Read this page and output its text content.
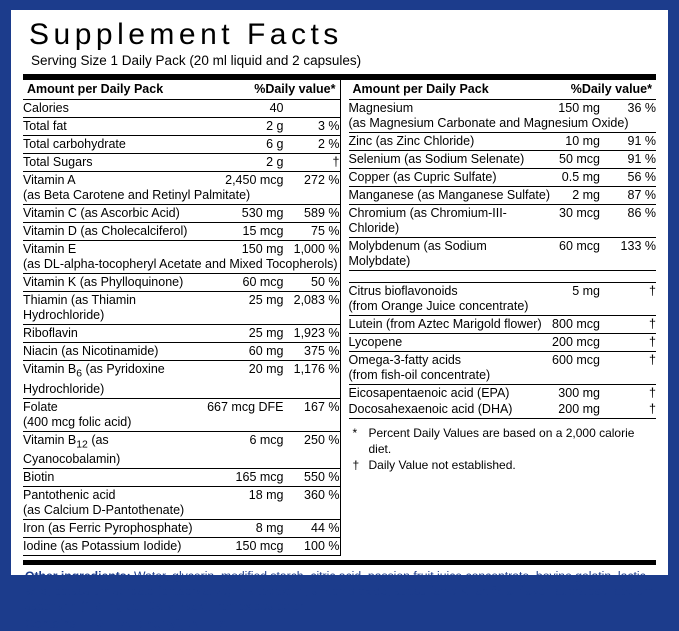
Supplement Facts
Serving Size 1 Daily Pack (20 ml liquid and 2 capsules)
Amount per Daily Pack	%Daily value*
Calories	40	
Total fat	2 g	3 %
Total carbohydrate	6 g	2 %
Total Sugars	2 g	†
Vitamin A	2,450 mcg	272 %
(as Beta Carotene and Retinyl Palmitate)		
Vitamin C (as Ascorbic Acid)	530 mg	589 %
Vitamin D (as Cholecalciferol)	15 mcg	75 %
Vitamin E	150 mg	1,000 %
(as DL-alpha-tocopheryl Acetate and Mixed Tocopherols)		
Vitamin K (as Phylloquinone)	60 mcg	50 %
Thiamin (as Thiamin Hydrochloride)	25 mg	2,083 %
Riboflavin	25 mg	1,923 %
Niacin (as Nicotinamide)	60 mg	375 %
Vitamin $B_6$ (as Pyridoxine Hydrochloride)	20 mg	1,176 %
Folate	667 mcg DFE	167 %
(400 mcg folic acid)		
Vitamin $B_{12}$ (as Cyanocobalamin)	6 mcg	250 %
Biotin	165 mcg	550 %
Pantothenic acid	18 mg	360 %
(as Calcium D-Pantothenate)		
Iron (as Ferric Pyrophosphate)	8 mg	44 %
Iodine (as Potassium Iodide)	150 mcg	100 %
Amount per Daily Pack	%Daily value*
Magnesium	150 mg	36 %
(as Magnesium Carbonate and Magnesium Oxide)		
Zinc (as Zinc Chloride)	10 mg	91 %
Selenium (as Sodium Selenate)	50 mcg	91 %
Copper (as Cupric Sulfate)	0.5 mg	56 %
Manganese (as Manganese Sulfate)	2 mg	87 %
Chromium (as Chromium-III-Chloride)	30 mcg	86 %
Molybdenum (as Sodium Molybdate)	60 mcg	133 %

Citrus bioflavonoids	5 mg	†
(from Orange Juice concentrate)		
Lutein (from Aztec Marigold flower)	800 mcg	†
Lycopene	200 mcg	†
Omega-3-fatty acids	600 mcg	†
(from fish-oil concentrate)		
Eicosapentaenoic acid (EPA)	300 mg	†
Docosahexaenoic acid (DHA)	200 mg	†
* Percent Daily Values are based on a 2,000 calorie diet.
† Daily Value not established.
Other ingredients: Water, glycerin, modified starch, citric acid, passion fruit juice concentrate, bovine gelatin, lactic acid, potassium sorbate (preservative), maltodextrin, silicon dioxide, acesulfame K, artificial flavor, sucralose, sodium saccharin (1.9 mg per Daily Pack), iron oxides color
Contains: FISH (Anchovy), WHEAT
